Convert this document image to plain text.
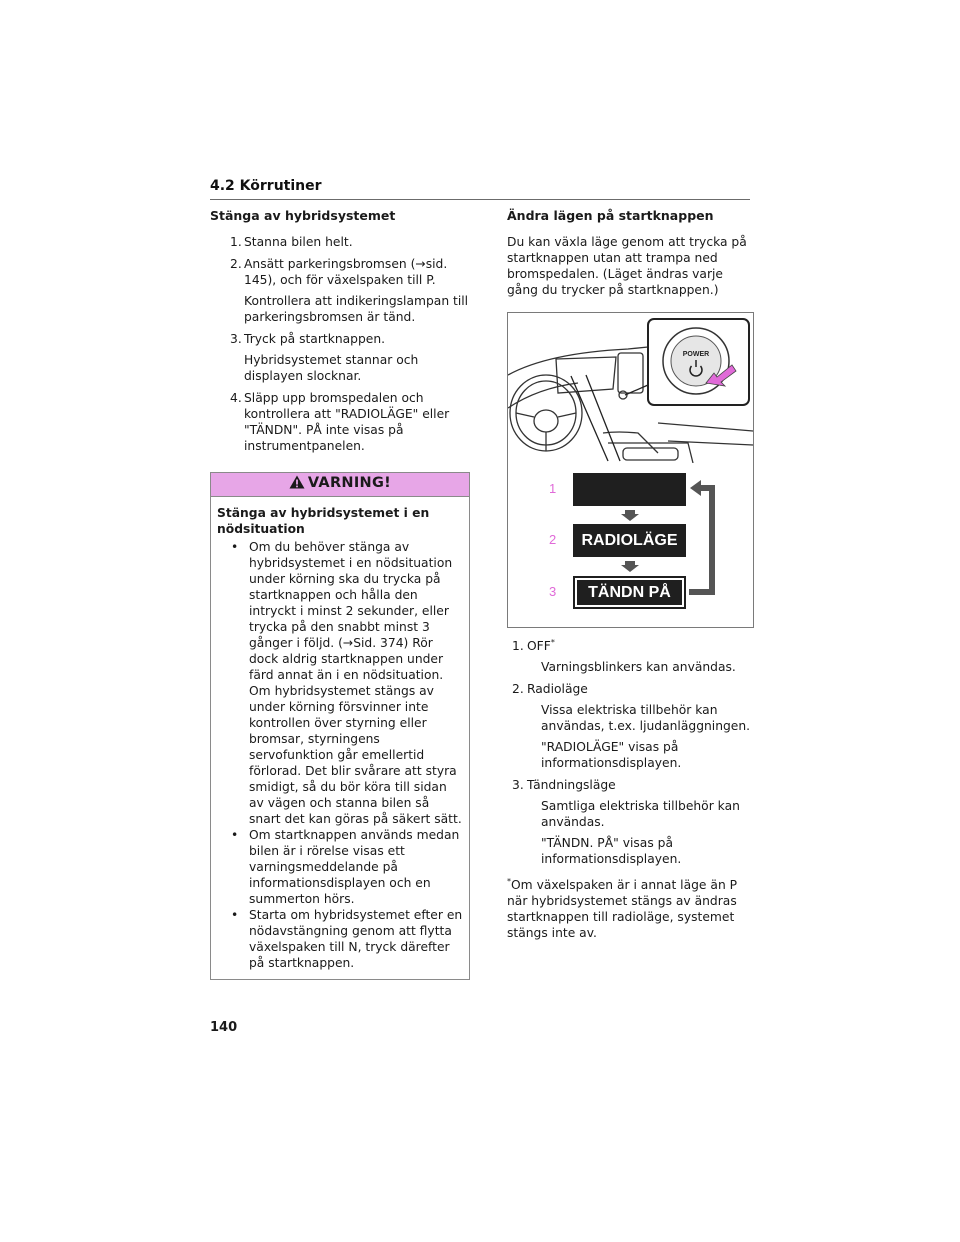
4.2 Körrutiner
Stänga av hybridsystemet
1. Stanna bilen helt.
2. Ansätt parkeringsbromsen (→sid. 145), och för växelspaken till P.
Kontrollera att indikeringslampan till parkeringsbromsen är tänd.
3. Tryck på startknappen.
Hybridsystemet stannar och displayen slocknar.
4. Släpp upp bromspedalen och kontrollera att "RADIOLÄGE" eller "TÄNDN". PÅ inte visas på instrumentpanelen.
VARNING!
Stänga av hybridsystemet i en nödsituation

• Om du behöver stänga av hybridsystemet i en nödsituation under körning ska du trycka på startknappen och hålla den intryckt i minst 2 sekunder, eller trycka på den snabbt minst 3 gånger i följd. (→Sid. 374) Rör dock aldrig startknappen under färd annat än i en nödsituation. Om hybridsystemet stängs av under körning försvinner inte kontrollen över styrning eller bromsar, styrningens servofunktion går emellertid förlorad. Det blir svårare att styra smidigt, så du bör köra till sidan av vägen och stanna bilen så snart det kan göras på säkert sätt.

• Om startknappen används medan bilen är i rörelse visas ett varningsmeddelande på informationsdisplayen och en summerton hörs.

• Starta om hybridsystemet efter en nödavstängning genom att flytta växelspaken till N, tryck därefter på startknappen.

Ändra lägen på startknappen

Du kan växla läge genom att trycka på startknappen utan att trampa ned bromspedalen. (Läget ändras varje gång du trycker på startknappen.)

POWER
RADIOLÄGE
TÄNDN PÅ
1
2
3
1. OFF*
Varningsblinkers kan användas.
2. Radioläge
Vissa elektriska tillbehör kan användas, t.ex. ljudanläggningen.
"RADIOLÄGE" visas på informationsdisplayen.
3. Tändningsläge
Samtliga elektriska tillbehör kan användas.
"TÄNDN. PÅ" visas på informationsdisplayen.

*Om växelspaken är i annat läge än P när hybridsystemet stängs av ändras startknappen till radioläge, systemet stängs inte av.

140
